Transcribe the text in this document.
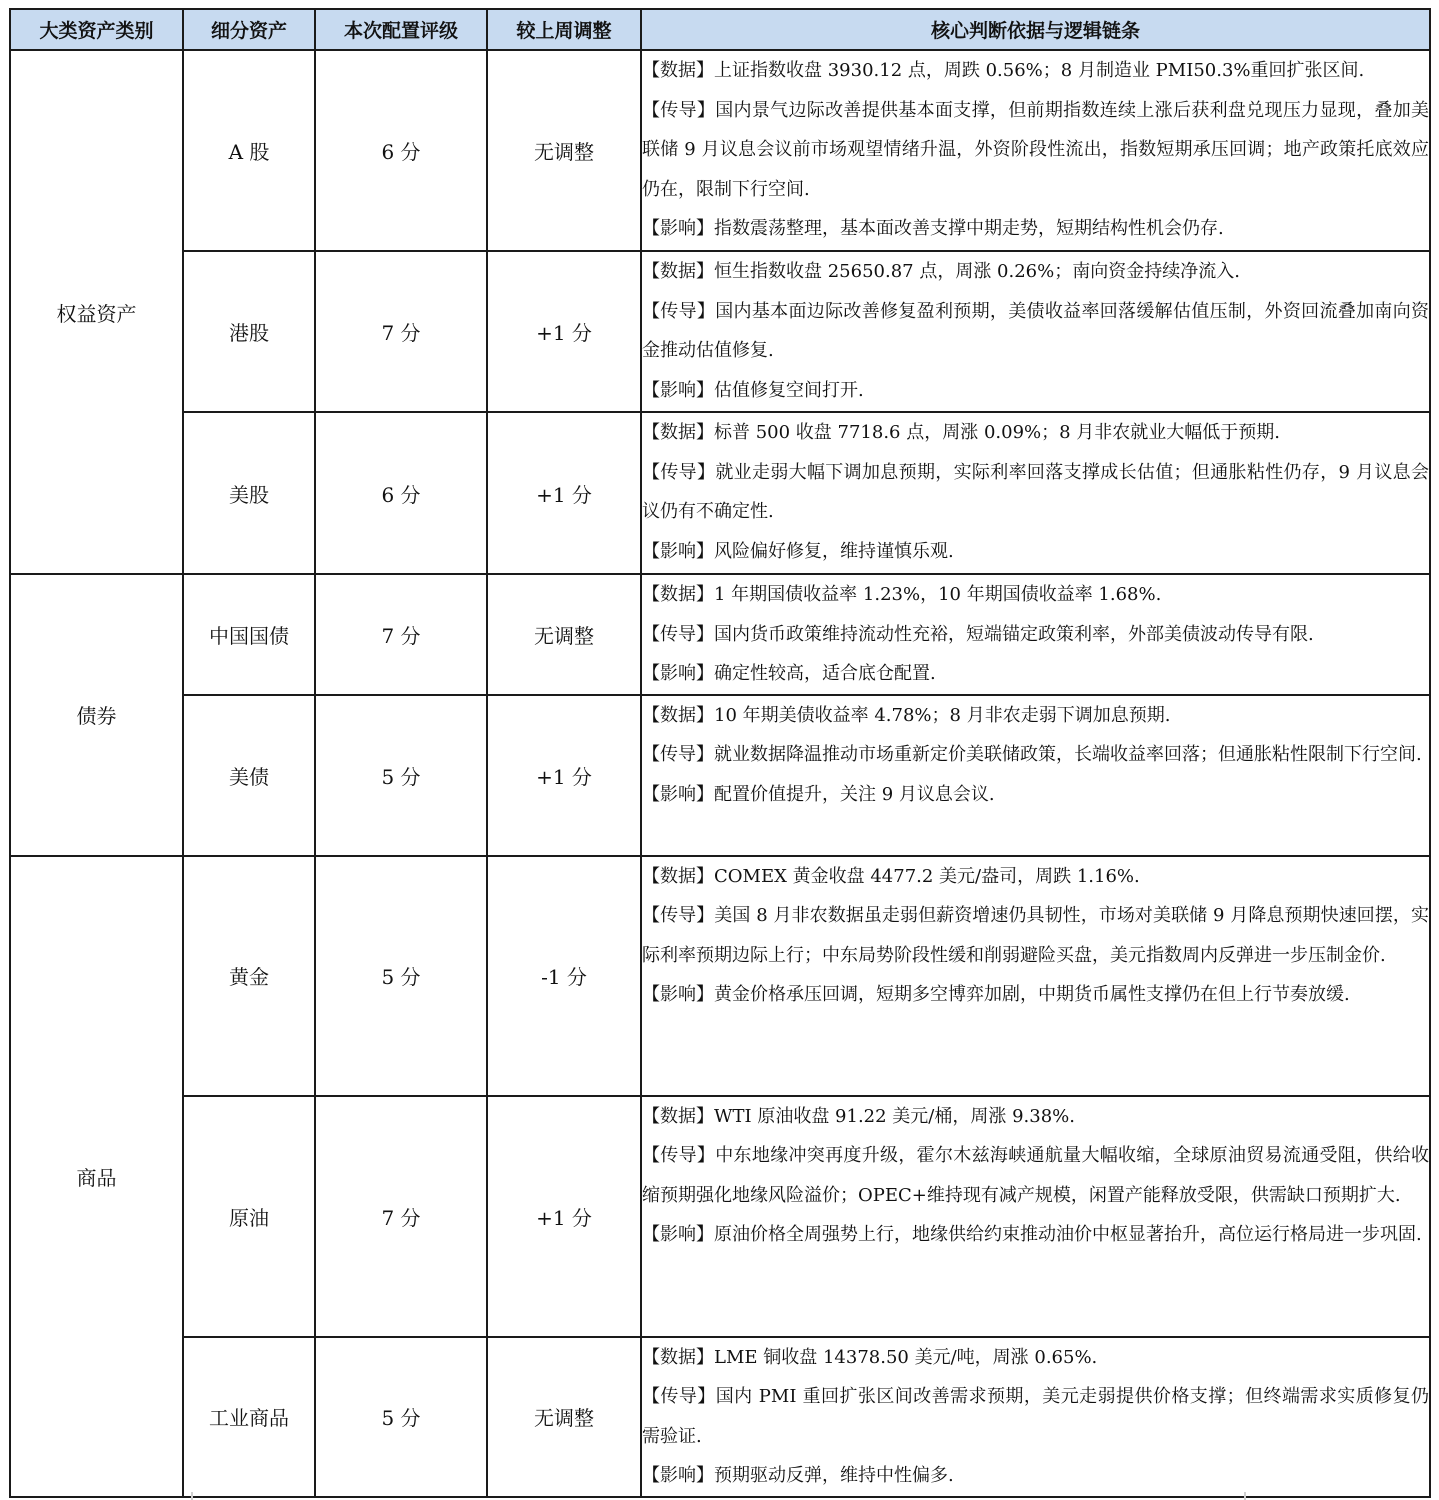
大类资产类别	细分资产	本次配置评级	较上周调整	核心判断依据与逻辑链条
权益资产	A 股	6 分	无调整	【数据】上证指数收盘 3930.12 点，周跌 0.56%；8 月制造业 PMI50.3%重回扩张区间.
【传导】国内景气边际改善提供基本面支撑，但前期指数连续上涨后获利盘兑现压力显现，叠加美联储 9 月议息会议前市场观望情绪升温，外资阶段性流出，指数短期承压回调；地产政策托底效应仍在，限制下行空间.
【影响】指数震荡整理，基本面改善支撑中期走势，短期结构性机会仍存.

	港股	7 分	+1 分	【数据】恒生指数收盘 25650.87 点，周涨 0.26%；南向资金持续净流入.
【传导】国内基本面边际改善修复盈利预期，美债收益率回落缓解估值压制，外资回流叠加南向资金推动估值修复.
【影响】估值修复空间打开.

	美股	6 分	+1 分	【数据】标普 500 收盘 7718.6 点，周涨 0.09%；8 月非农就业大幅低于预期.
【传导】就业走弱大幅下调加息预期，实际利率回落支撑成长估值；但通胀粘性仍存，9 月议息会议仍有不确定性.
【影响】风险偏好修复，维持谨慎乐观.

债券	中国国债	7 分	无调整	【数据】1 年期国债收益率 1.23%，10 年期国债收益率 1.68%.
【传导】国内货币政策维持流动性充裕，短端锚定政策利率，外部美债波动传导有限.
【影响】确定性较高，适合底仓配置.

	美债	5 分	+1 分	【数据】10 年期美债收益率 4.78%；8 月非农走弱下调加息预期.
【传导】就业数据降温推动市场重新定价美联储政策，长端收益率回落；但通胀粘性限制下行空间.
【影响】配置价值提升，关注 9 月议息会议.

商品	黄金	5 分	-1 分	【数据】COMEX 黄金收盘 4477.2 美元/盎司，周跌 1.16%.
【传导】美国 8 月非农数据虽走弱但薪资增速仍具韧性，市场对美联储 9 月降息预期快速回摆，实际利率预期边际上行；中东局势阶段性缓和削弱避险买盘，美元指数周内反弹进一步压制金价.
【影响】黄金价格承压回调，短期多空博弈加剧，中期货币属性支撑仍在但上行节奏放缓.

	原油	7 分	+1 分	【数据】WTI 原油收盘 91.22 美元/桶，周涨 9.38%.
【传导】中东地缘冲突再度升级，霍尔木兹海峡通航量大幅收缩，全球原油贸易流通受阻，供给收缩预期强化地缘风险溢价；OPEC+维持现有减产规模，闲置产能释放受限，供需缺口预期扩大.
【影响】原油价格全周强势上行，地缘供给约束推动油价中枢显著抬升，高位运行格局进一步巩固.

	工业商品	5 分	无调整	【数据】LME 铜收盘 14378.50 美元/吨，周涨 0.65%.
【传导】国内 PMI 重回扩张区间改善需求预期，美元走弱提供价格支撑；但终端需求实质修复仍需验证.
【影响】预期驱动反弹，维持中性偏多.
